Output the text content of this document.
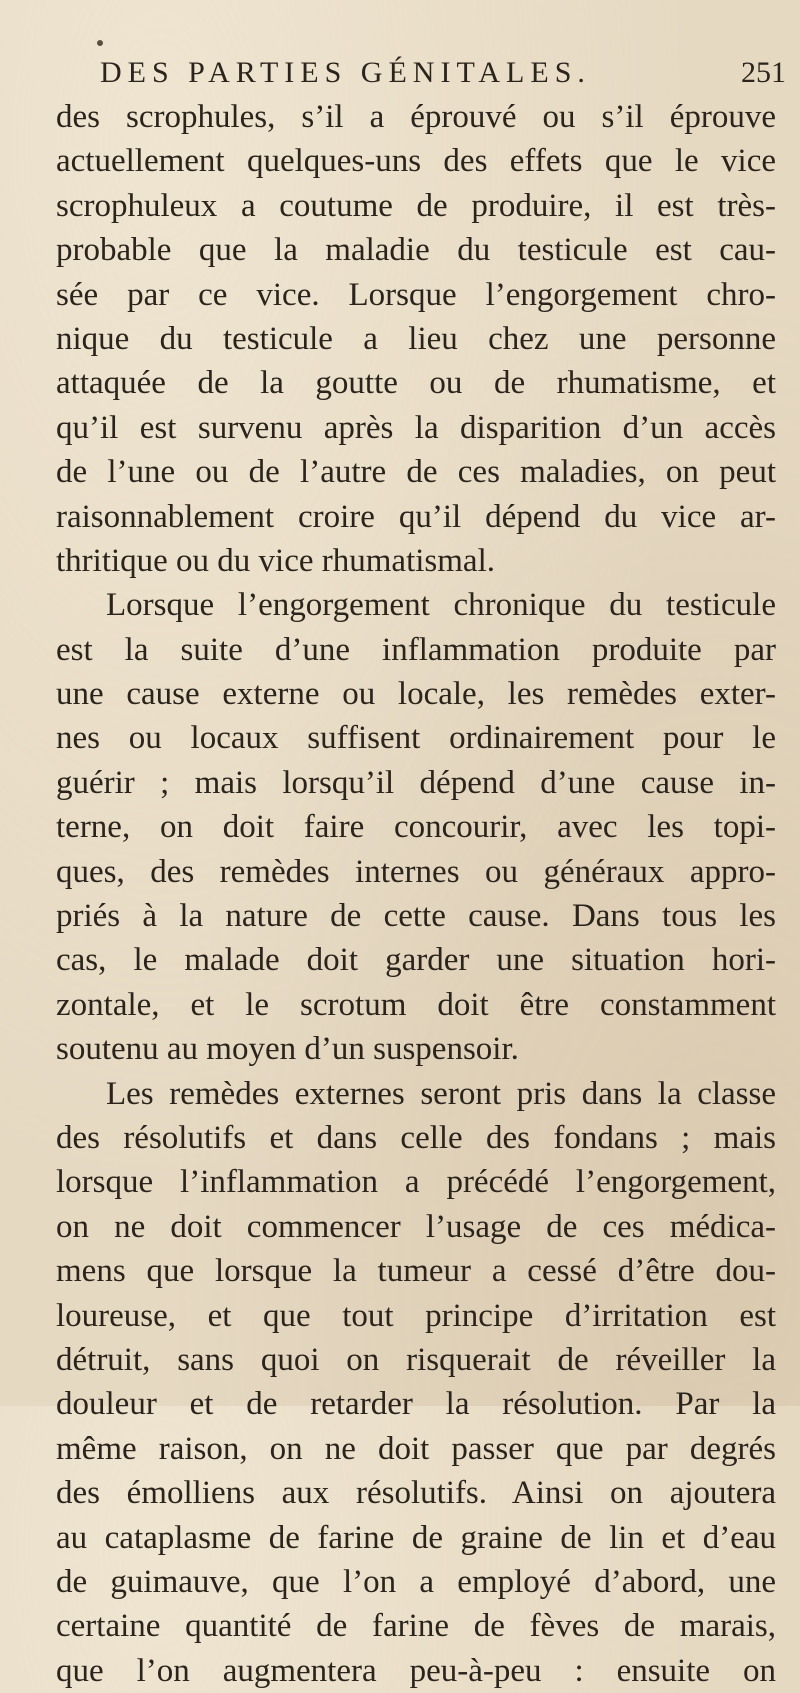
DES PARTIES GÉNITALES.	251
des scrophules, s’il a éprouvé ou s’il éprouve
actuellement quelques-uns des effets que le vice
scrophuleux a coutume de produire, il est très-
probable que la maladie du testicule est cau-
sée par ce vice. Lorsque l’engorgement chro-
nique du testicule a lieu chez une personne
attaquée de la goutte ou de rhumatisme, et
qu’il est survenu après la disparition d’un accès
de l’une ou de l’autre de ces maladies, on peut
raisonnablement croire qu’il dépend du vice ar-
thritique ou du vice rhumatismal.
Lorsque l’engorgement chronique du testicule
est la suite d’une inflammation produite par
une cause externe ou locale, les remèdes exter-
nes ou locaux suffisent ordinairement pour le
guérir ; mais lorsqu’il dépend d’une cause in-
terne, on doit faire concourir, avec les topi-
ques, des remèdes internes ou généraux appro-
priés à la nature de cette cause. Dans tous les
cas, le malade doit garder une situation hori-
zontale, et le scrotum doit être constamment
soutenu au moyen d’un suspensoir.
Les remèdes externes seront pris dans la classe
des résolutifs et dans celle des fondans ; mais
lorsque l’inflammation a précédé l’engorgement,
on ne doit commencer l’usage de ces médica-
mens que lorsque la tumeur a cessé d’être dou-
loureuse, et que tout principe d’irritation est
détruit, sans quoi on risquerait de réveiller la
douleur et de retarder la résolution. Par la
même raison, on ne doit passer que par degrés
des émolliens aux résolutifs. Ainsi on ajoutera
au cataplasme de farine de graine de lin et d’eau
de guimauve, que l’on a employé d’abord, une
certaine quantité de farine de fèves de marais,
que l’on augmentera peu-à-peu : ensuite on
